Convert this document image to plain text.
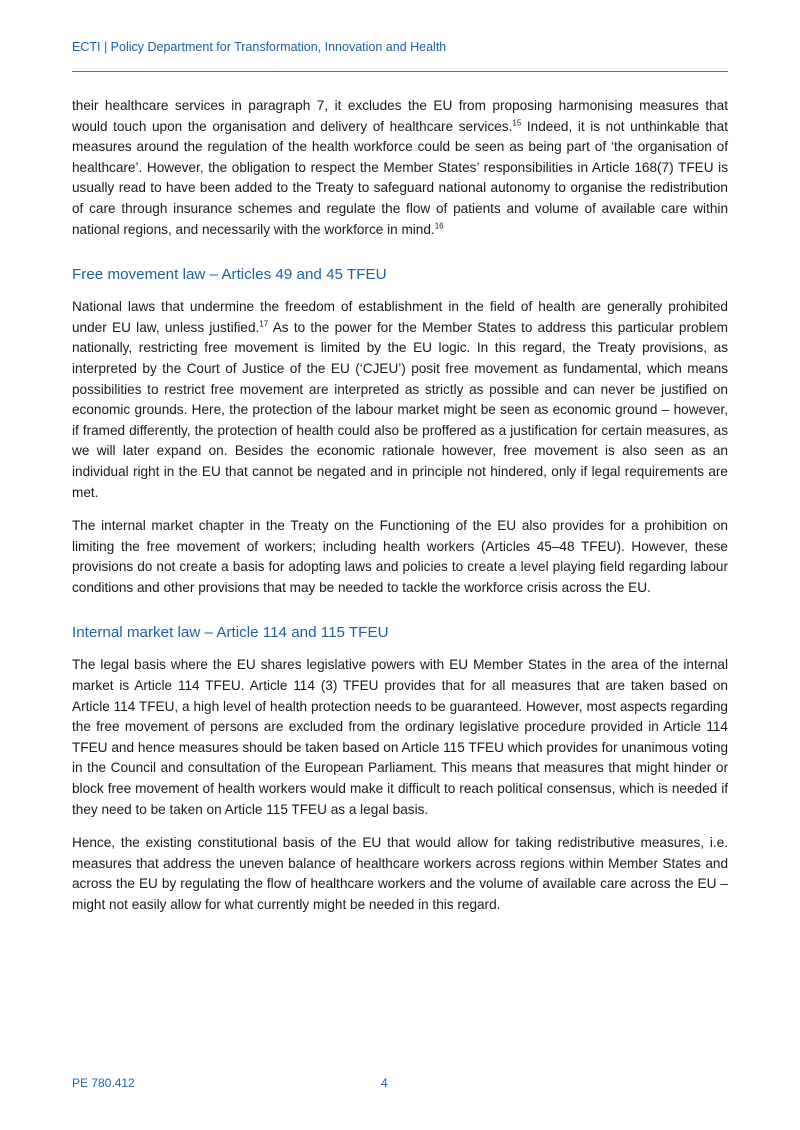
ECTI | Policy Department for Transformation, Innovation and Health

their healthcare services in paragraph 7, it excludes the EU from proposing harmonising measures that would touch upon the organisation and delivery of healthcare services.$^{15}$ Indeed, it is not unthinkable that measures around the regulation of the health workforce could be seen as being part of ‘the organisation of healthcare’. However, the obligation to respect the Member States’ responsibilities in Article 168(7) TFEU is usually read to have been added to the Treaty to safeguard national autonomy to organise the redistribution of care through insurance schemes and regulate the flow of patients and volume of available care within national regions, and necessarily with the workforce in mind.$^{16}$

Free movement law – Articles 49 and 45 TFEU

National laws that undermine the freedom of establishment in the field of health are generally prohibited under EU law, unless justified.$^{17}$ As to the power for the Member States to address this particular problem nationally, restricting free movement is limited by the EU logic. In this regard, the Treaty provisions, as interpreted by the Court of Justice of the EU (‘CJEU’) posit free movement as fundamental, which means possibilities to restrict free movement are interpreted as strictly as possible and can never be justified on economic grounds. Here, the protection of the labour market might be seen as economic ground – however, if framed differently, the protection of health could also be proffered as a justification for certain measures, as we will later expand on. Besides the economic rationale however, free movement is also seen as an individual right in the EU that cannot be negated and in principle not hindered, only if legal requirements are met.

The internal market chapter in the Treaty on the Functioning of the EU also provides for a prohibition on limiting the free movement of workers; including health workers (Articles 45–48 TFEU). However, these provisions do not create a basis for adopting laws and policies to create a level playing field regarding labour conditions and other provisions that may be needed to tackle the workforce crisis across the EU.

Internal market law – Article 114 and 115 TFEU

The legal basis where the EU shares legislative powers with EU Member States in the area of the internal market is Article 114 TFEU. Article 114 (3) TFEU provides that for all measures that are taken based on Article 114 TFEU, a high level of health protection needs to be guaranteed. However, most aspects regarding the free movement of persons are excluded from the ordinary legislative procedure provided in Article 114 TFEU and hence measures should be taken based on Article 115 TFEU which provides for unanimous voting in the Council and consultation of the European Parliament. This means that measures that might hinder or block free movement of health workers would make it difficult to reach political consensus, which is needed if they need to be taken on Article 115 TFEU as a legal basis.

Hence, the existing constitutional basis of the EU that would allow for taking redistributive measures, i.e. measures that address the uneven balance of healthcare workers across regions within Member States and across the EU by regulating the flow of healthcare workers and the volume of available care across the EU – might not easily allow for what currently might be needed in this regard.

PE 780.412	4
